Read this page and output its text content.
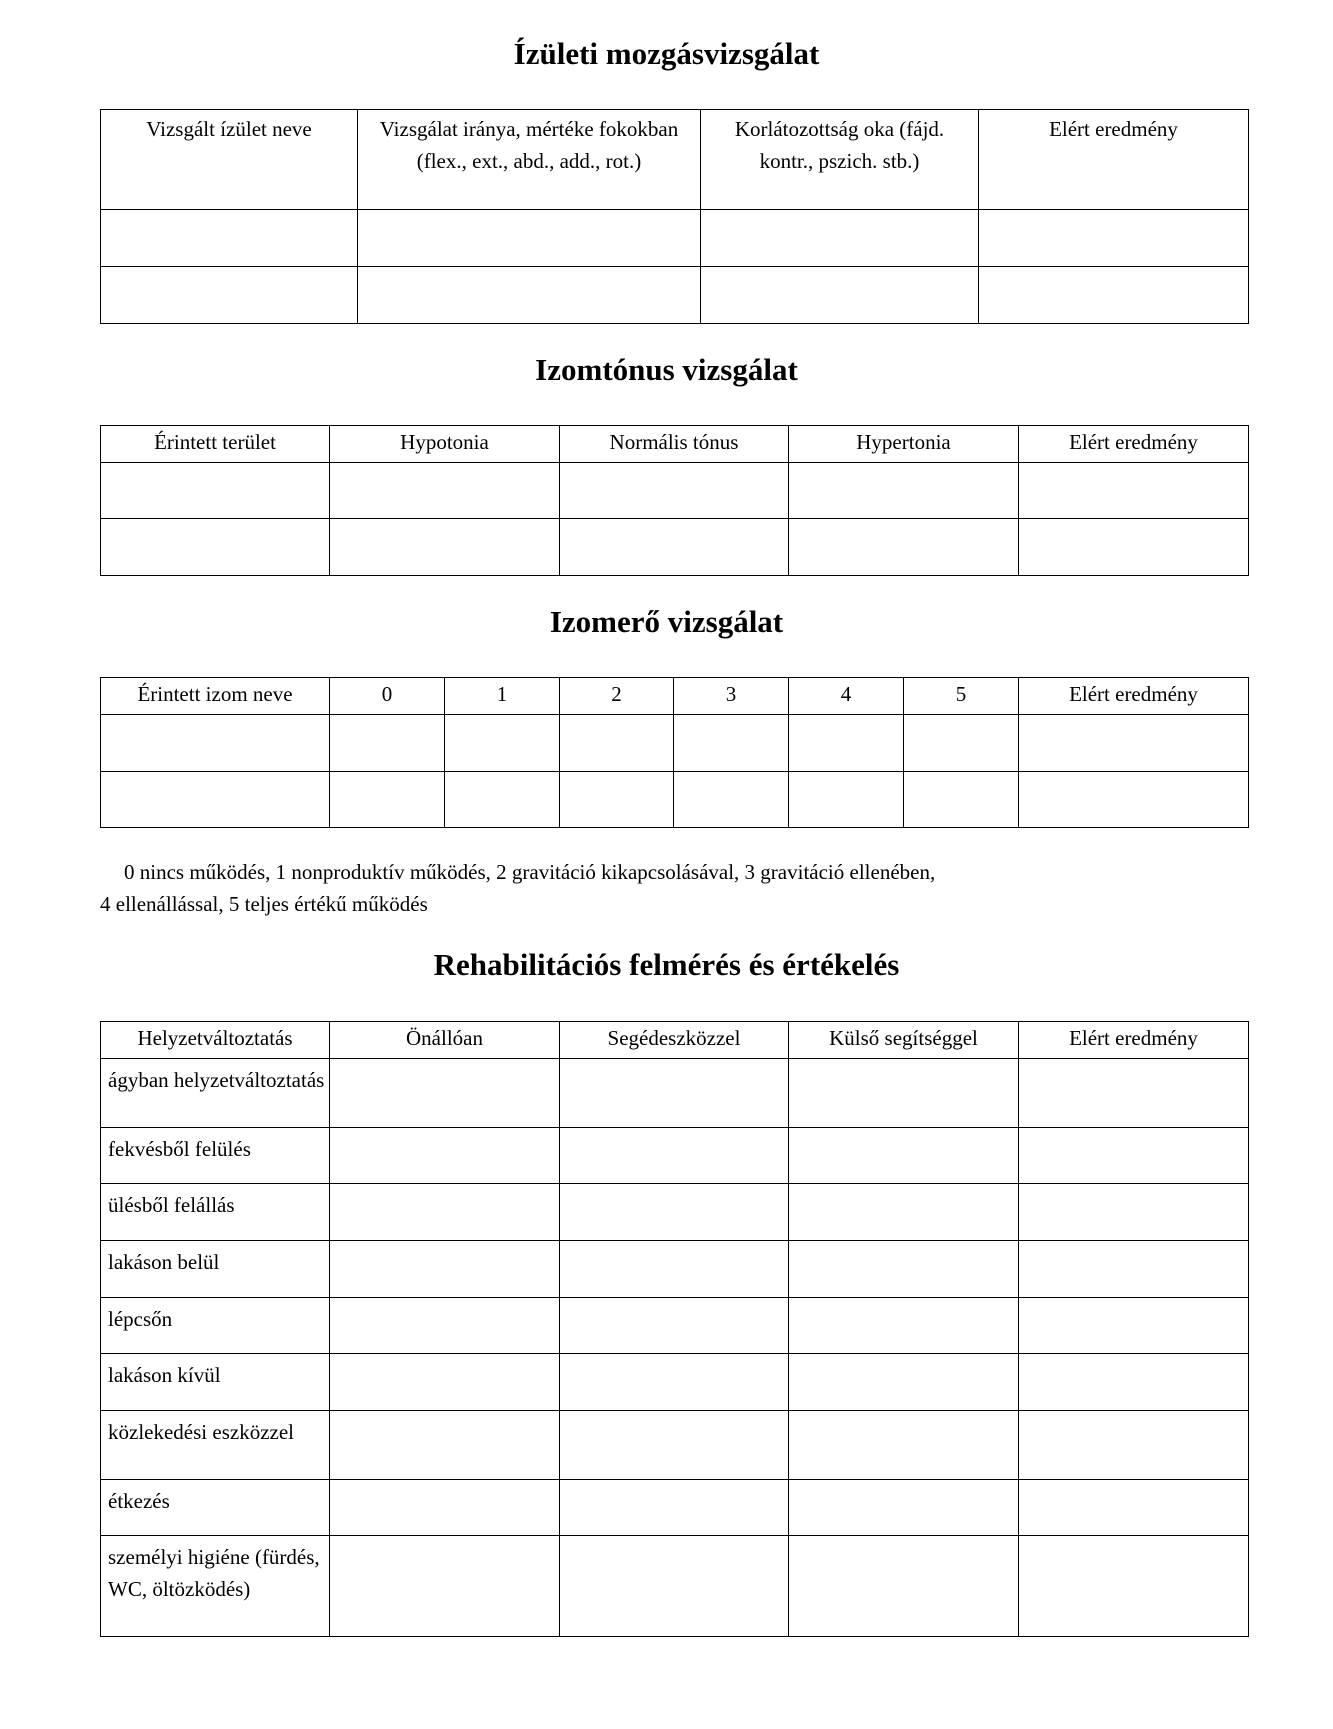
Ízületi mozgásvizsgálat
Vizsgált ízület neve	Vizsgálat iránya, mértéke fokokban (flex., ext., abd., add., rot.)	Korlátozottság oka (fájd. kontr., pszich. stb.)	Elért eredmény

Izomtónus vizsgálat
Érintett terület	Hypotonia	Normális tónus	Hypertonia	Elért eredmény

Izomerő vizsgálat
Érintett izom neve	0	1	2	3	4	5	Elért eredmény

0 nincs működés, 1 nonproduktív működés, 2 gravitáció kikapcsolásával, 3 gravitáció ellenében,

4 ellenállással, 5 teljes értékű működés

Rehabilitációs felmérés és értékelés
Helyzetváltoztatás	Önállóan	Segédeszközzel	Külső segítséggel	Elért eredmény

ágyban helyzetváltoztatás				

fekvésből felülés				

ülésből felállás				

lakáson belül				

lépcsőn				

lakáson kívül				

közlekedési eszközzel				

étkezés				

személyi higiéne (fürdés, WC, öltözködés)				
